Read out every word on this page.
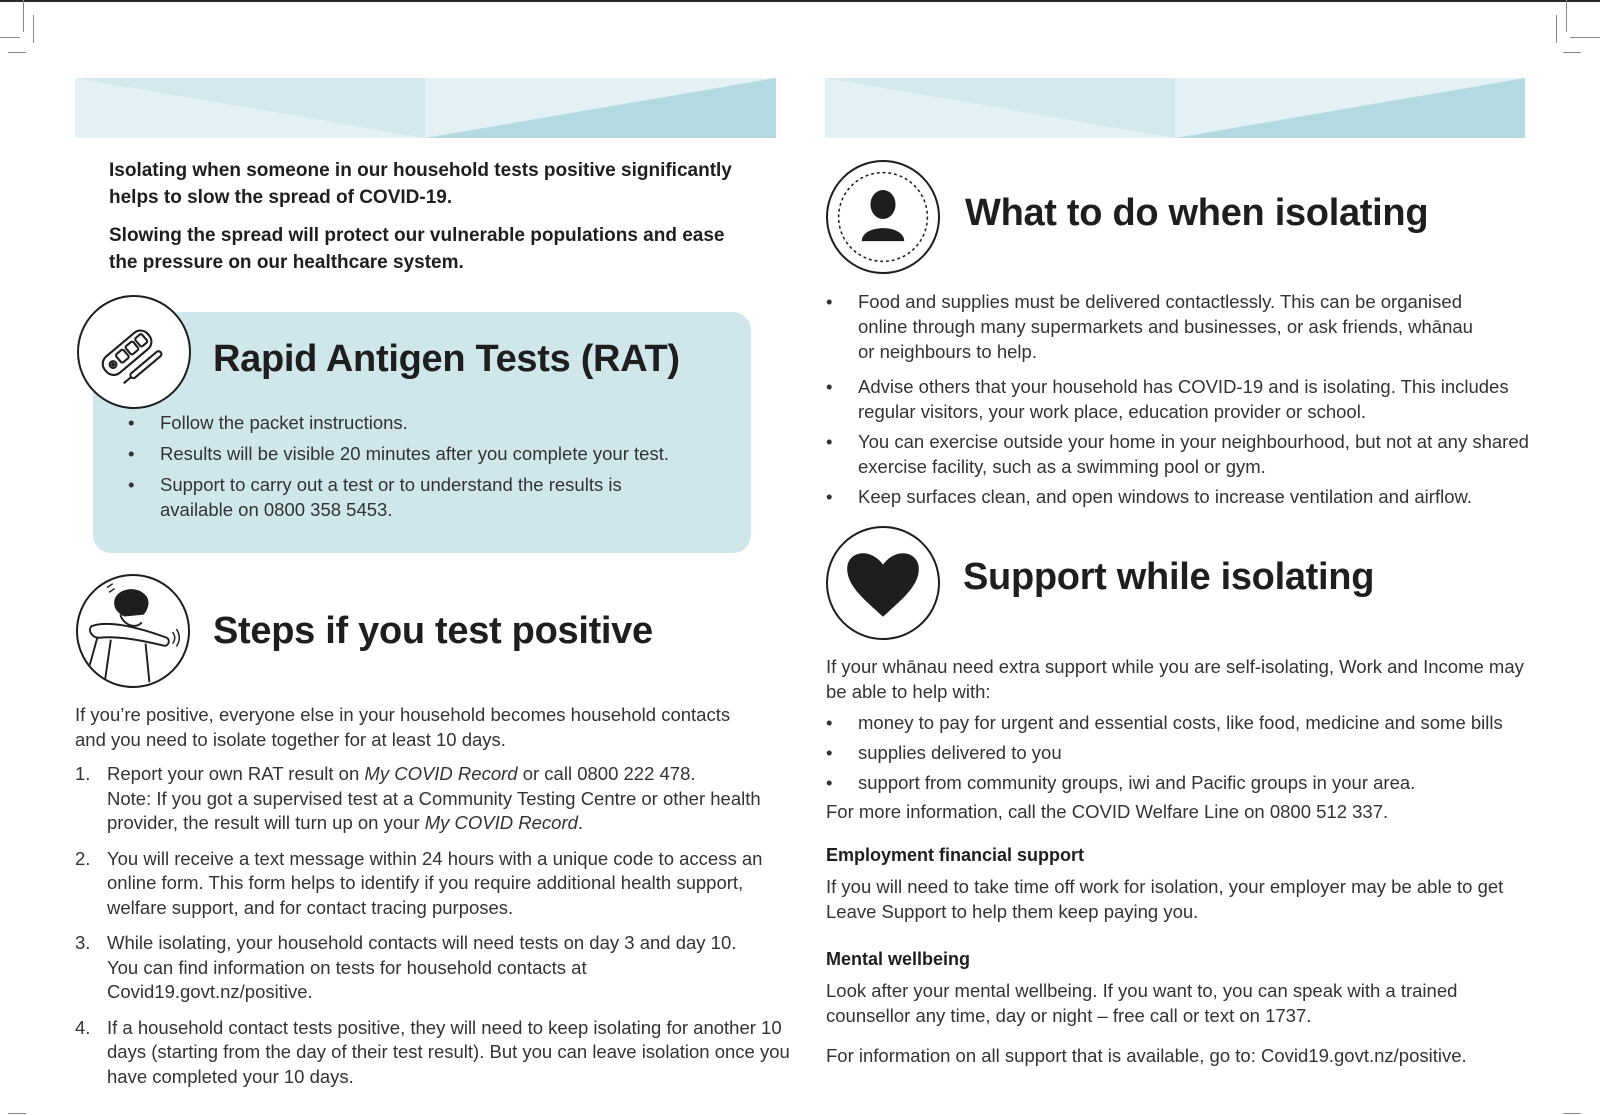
Isolating when someone in our household tests positive significantly helps to slow the spread of COVID-19.

Slowing the spread will protect our vulnerable populations and ease the pressure on our healthcare system.

Rapid Antigen Tests (RAT)
• Follow the packet instructions.
• Results will be visible 20 minutes after you complete your test.
• Support to carry out a test or to understand the results is available on 0800 358 5453.
Steps if you test positive

If you’re positive, everyone else in your household becomes household contacts and you need to isolate together for at least 10 days.

1. Report your own RAT result on My COVID Record or call 0800 222 478.
Note: If you got a supervised test at a Community Testing Centre or other health provider, the result will turn up on your My COVID Record.
2. You will receive a text message within 24 hours with a unique code to access an online form. This form helps to identify if you require additional health support, welfare support, and for contact tracing purposes.
3. While isolating, your household contacts will need tests on day 3 and day 10.
You can find information on tests for household contacts at Covid19.govt.nz/positive.
4. If a household contact tests positive, they will need to keep isolating for another 10 days (starting from the day of their test result). But you can leave isolation once you have completed your 10 days.
What to do when isolating
• Food and supplies must be delivered contactlessly. This can be organised online through many supermarkets and businesses, or ask friends, whānau or neighbours to help.
• Advise others that your household has COVID-19 and is isolating. This includes regular visitors, your work place, education provider or school.
• You can exercise outside your home in your neighbourhood, but not at any shared exercise facility, such as a swimming pool or gym.
• Keep surfaces clean, and open windows to increase ventilation and airflow.
Support while isolating

If your whānau need extra support while you are self-isolating, Work and Income may be able to help with:

• money to pay for urgent and essential costs, like food, medicine and some bills
• supplies delivered to you
• support from community groups, iwi and Pacific groups in your area.

For more information, call the COVID Welfare Line on 0800 512 337.

Employment financial support

If you will need to take time off work for isolation, your employer may be able to get Leave Support to help them keep paying you.

Mental wellbeing

Look after your mental wellbeing. If you want to, you can speak with a trained counsellor any time, day or night – free call or text on 1737.

For information on all support that is available, go to: Covid19.govt.nz/positive.
